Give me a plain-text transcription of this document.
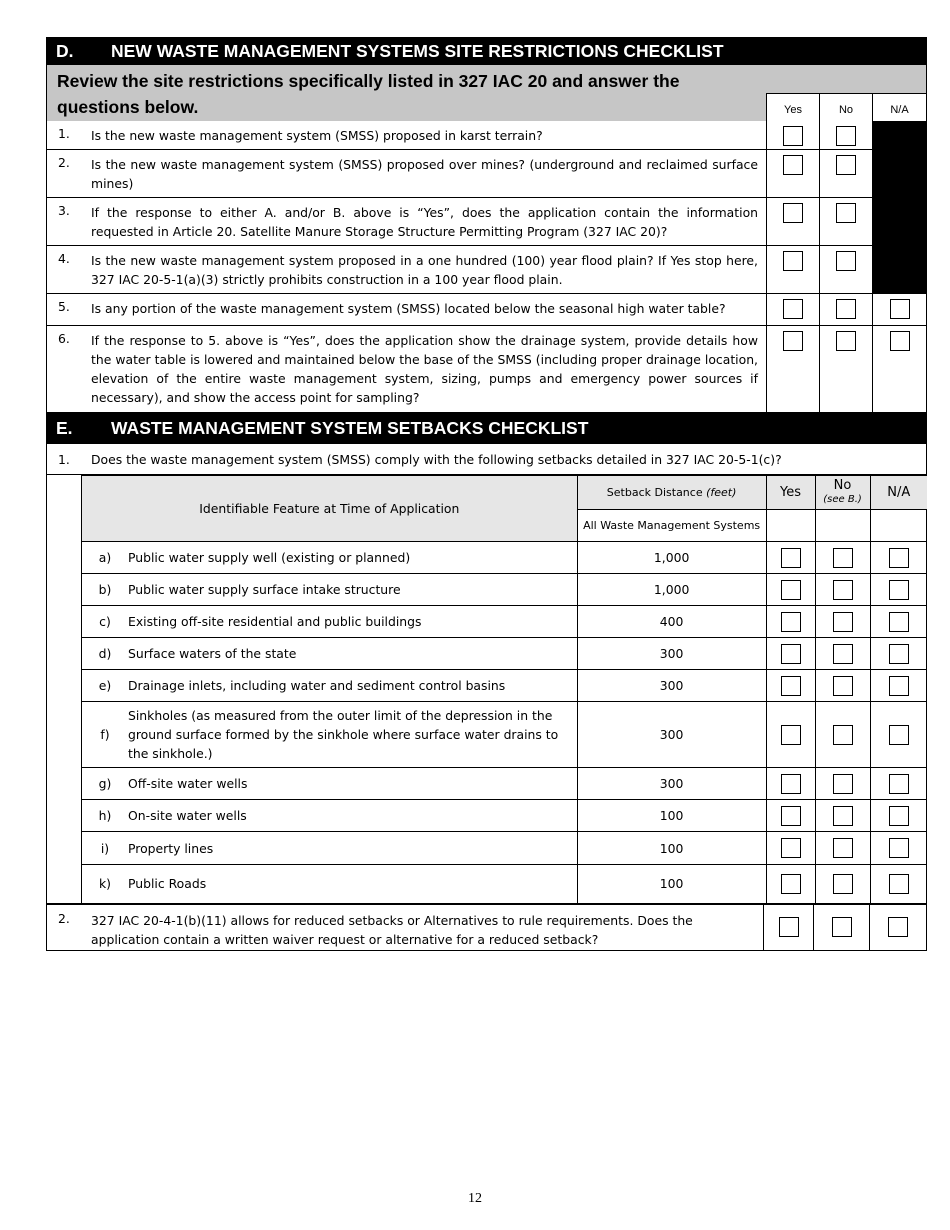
D.	NEW WASTE MANAGEMENT SYSTEMS SITE RESTRICTIONS CHECKLIST
Review the site restrictions specifically listed in 327 IAC 20 and answer the questions below.	Yes	No	N/A
1.	Is the new waste management system (SMSS) proposed in karst terrain?
2.	Is the new waste management system (SMSS) proposed over mines? (underground and reclaimed surface mines)
3.	If the response to either A. and/or B. above is “Yes”, does the application contain the information requested in Article 20. Satellite Manure Storage Structure Permitting Program (327 IAC 20)?
4.	Is the new waste management system proposed in a one hundred (100) year flood plain? If Yes stop here, 327 IAC 20-5-1(a)(3) strictly prohibits construction in a 100 year flood plain.
5.	Is any portion of the waste management system (SMSS) located below the seasonal high water table?
6.	If the response to 5. above is “Yes”, does the application show the drainage system, provide details how the water table is lowered and maintained below the base of the SMSS (including proper drainage location, elevation of the entire waste management system, sizing, pumps and emergency power sources if necessary), and show the access point for sampling?
E.	WASTE MANAGEMENT SYSTEM SETBACKS CHECKLIST
1.	Does the waste management system (SMSS) comply with the following setbacks detailed in 327 IAC 20-5-1(c)?
Identifiable Feature at Time of Application	Setback Distance (feet)	Yes	No
(see B.)	N/A
	All Waste Management Systems			

a) Public water supply well (existing or planned)	1,000	

b) Public water supply surface intake structure	1,000	

c) Existing off-site residential and public buildings	400	

d) Surface waters of the state	300	

e) Drainage inlets, including water and sediment control basins	300	

f)
Sinkholes (as measured from the outer limit of the depression in the ground surface formed by the sinkhole where surface water drains to the sinkhole.)	300	

g) Off-site water wells	300	

h) On-site water wells	100	

i) Property lines	100	

k) Public Roads	100	

2.	327 IAC 20-4-1(b)(11) allows for reduced setbacks or Alternatives to rule requirements. Does the application contain a written waiver request or alternative for a reduced setback?
12
